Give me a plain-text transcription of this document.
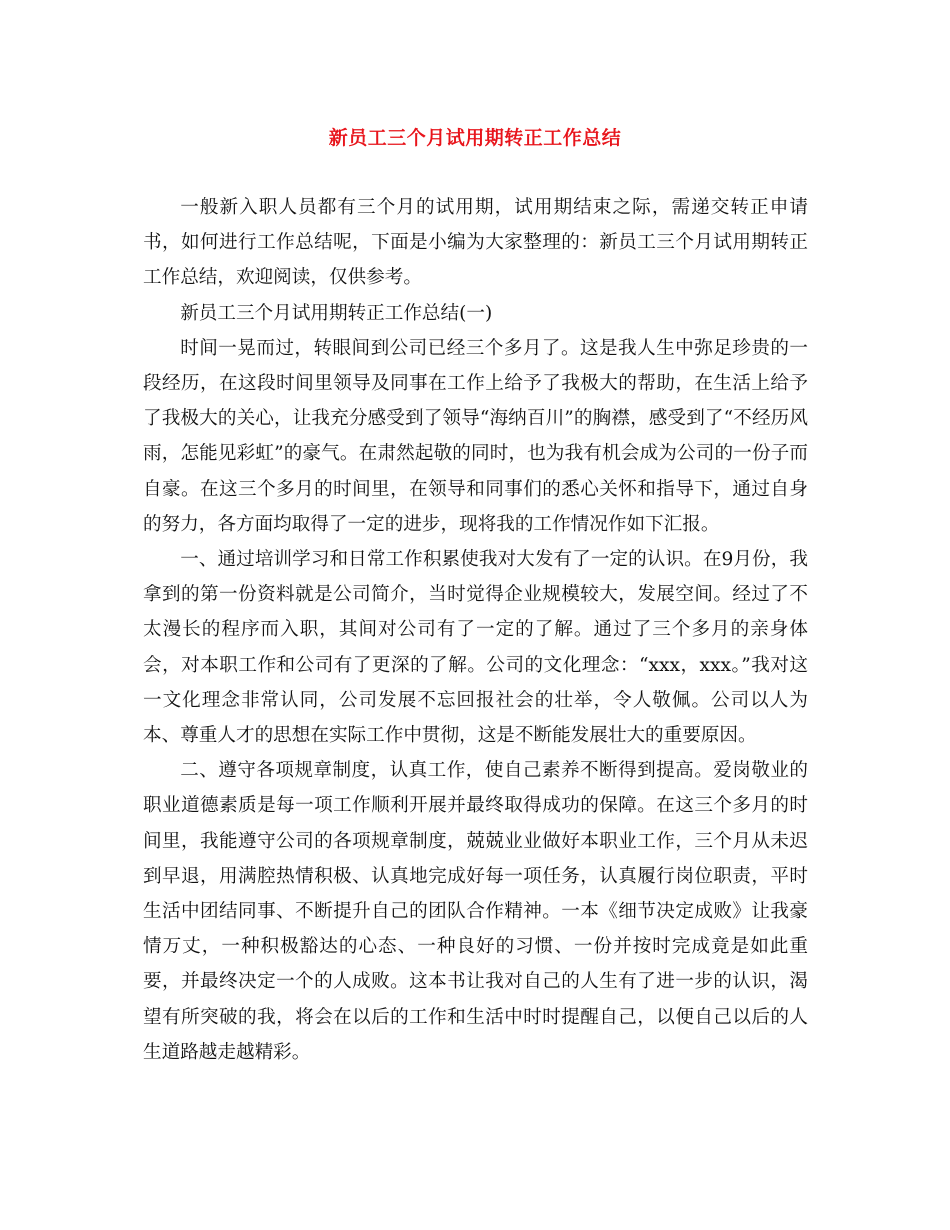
新员工三个月试用期转正工作总结

一般新入职人员都有三个月的试用期，试用期结束之际，需递交转正申请书，如何进行工作总结呢，下面是小编为大家整理的：新员工三个月试用期转正工作总结，欢迎阅读，仅供参考。

新员工三个月试用期转正工作总结(一)

时间一晃而过，转眼间到公司已经三个多月了。这是我人生中弥足珍贵的一段经历，在这段时间里领导及同事在工作上给予了我极大的帮助，在生活上给予了我极大的关心，让我充分感受到了领导“海纳百川”的胸襟，感受到了“不经历风雨，怎能见彩虹”的豪气。在肃然起敬的同时，也为我有机会成为公司的一份子而自豪。在这三个多月的时间里，在领导和同事们的悉心关怀和指导下，通过自身的努力，各方面均取得了一定的进步，现将我的工作情况作如下汇报。

一、通过培训学习和日常工作积累使我对大发有了一定的认识。在9月份，我拿到的第一份资料就是公司简介，当时觉得企业规模较大，发展空间。经过了不太漫长的程序而入职，其间对公司有了一定的了解。通过了三个多月的亲身体会，对本职工作和公司有了更深的了解。公司的文化理念：“xxx，xxx。”我对这一文化理念非常认同，公司发展不忘回报社会的壮举，令人敬佩。公司以人为本、尊重人才的思想在实际工作中贯彻，这是不断能发展壮大的重要原因。

二、遵守各项规章制度，认真工作，使自己素养不断得到提高。爱岗敬业的职业道德素质是每一项工作顺利开展并最终取得成功的保障。在这三个多月的时间里，我能遵守公司的各项规章制度，兢兢业业做好本职业工作，三个月从未迟到早退，用满腔热情积极、认真地完成好每一项任务，认真履行岗位职责，平时生活中团结同事、不断提升自己的团队合作精神。一本《细节决定成败》让我豪情万丈，一种积极豁达的心态、一种良好的习惯、一份并按时完成竟是如此重要，并最终决定一个的人成败。这本书让我对自己的人生有了进一步的认识，渴望有所突破的我，将会在以后的工作和生活中时时提醒自己，以便自己以后的人生道路越走越精彩。
